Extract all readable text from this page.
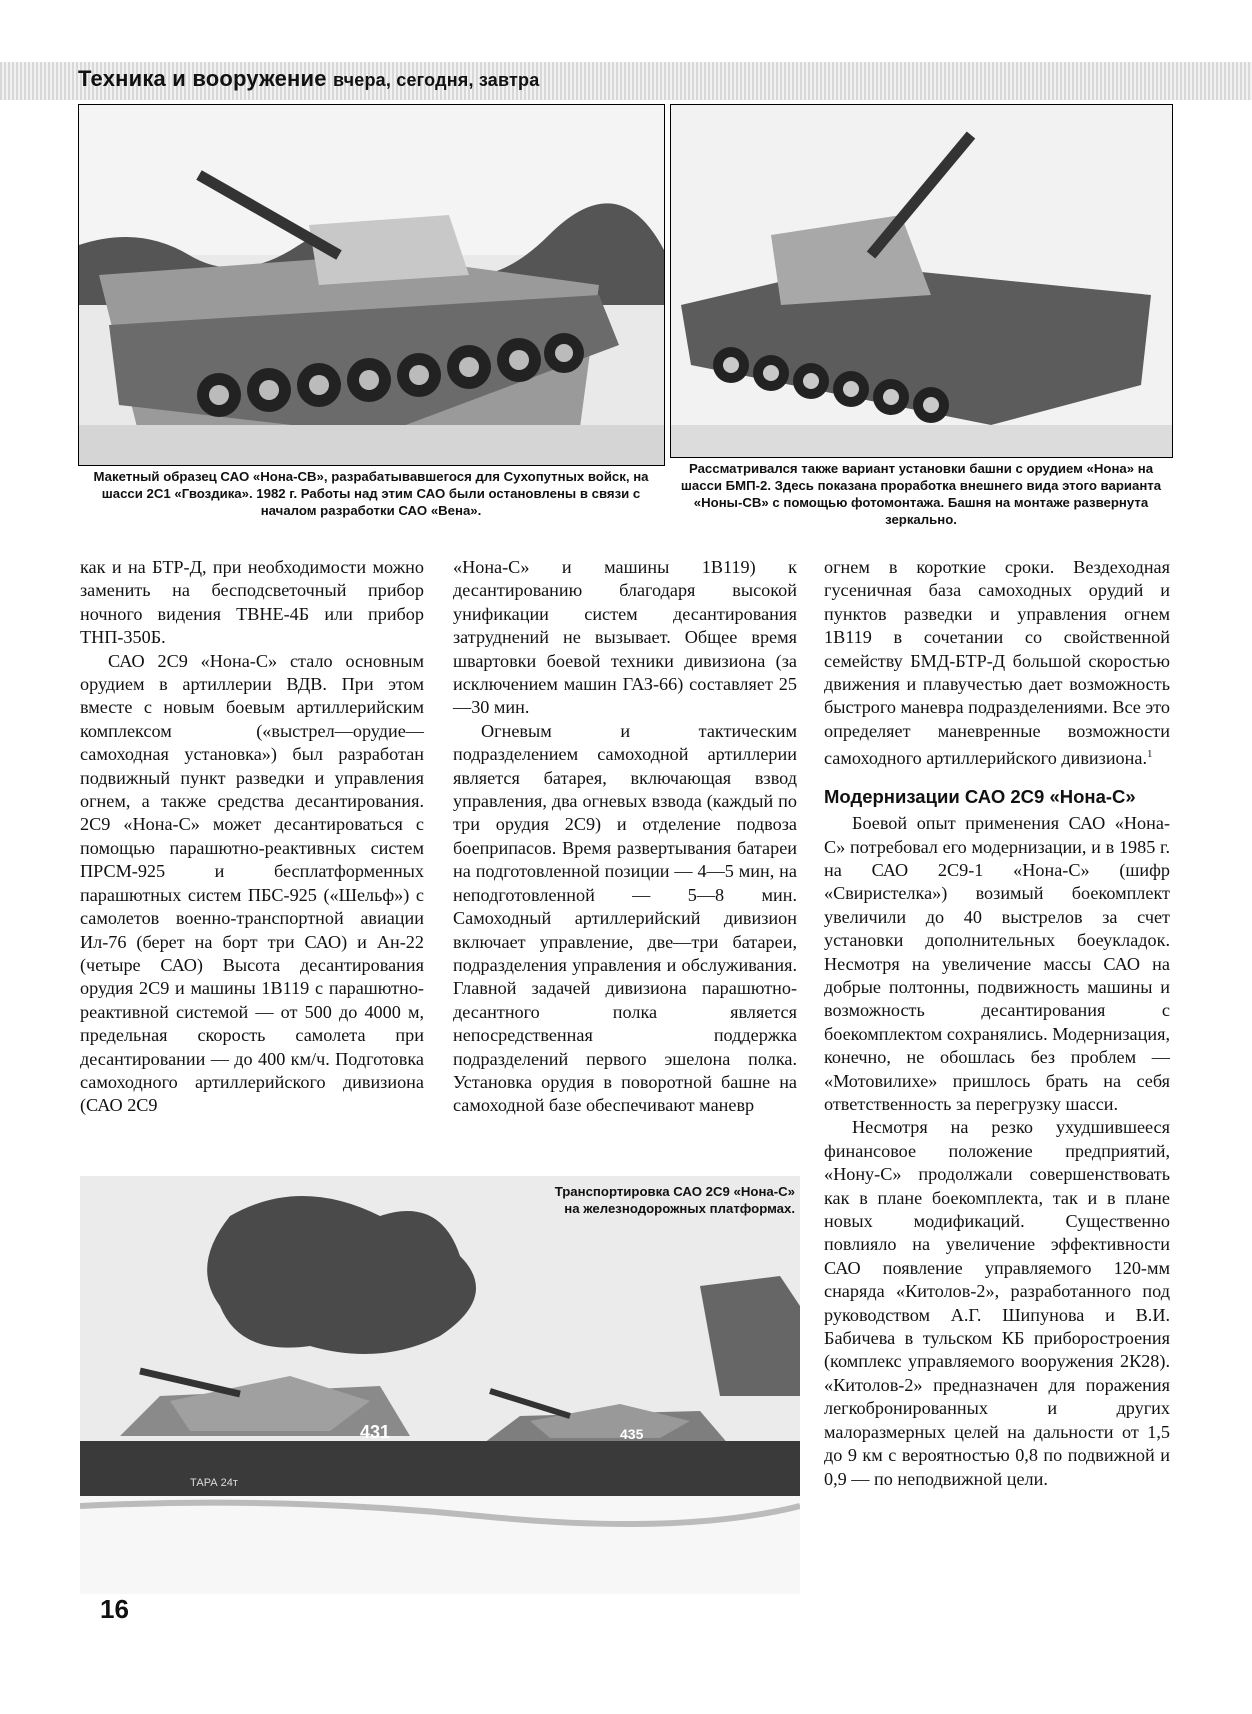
Техника и вооружение вчера, сегодня, завтра
Макетный образец САО «Нона-СВ», разрабатывавшегося для Сухопутных войск, на шасси 2С1 «Гвоздика». 1982 г. Работы над этим САО были остановлены в связи с началом разработки САО «Вена».
Рассматривался также вариант установки башни с орудием «Нона» на шасси БМП-2. Здесь показана проработка внешнего вида этого варианта «Ноны-СВ» с помощью фотомонтажа. Башня на монтаже развернута зеркально.

как и на БТР-Д, при необходимости можно заменить на бесподсветочный прибор ночного видения ТВНЕ-4Б или прибор ТНП-350Б.

САО 2С9 «Нона-С» стало основным орудием в артиллерии ВДВ. При этом вместе с новым боевым артиллерийским комплексом («выстрел—орудие—самоходная установка») был разработан подвижный пункт разведки и управления огнем, а также средства десантирования. 2С9 «Нона-С» может десантироваться с помощью парашютно-реактивных систем ПРСМ-925 и бесплатформенных парашютных систем ПБС-925 («Шельф») с самолетов военно-транспортной авиации Ил-76 (берет на борт три САО) и Ан-22 (четыре САО) Высота десантирования орудия 2С9 и машины 1В119 с парашютно-реактивной системой — от 500 до 4000 м, предельная скорость самолета при десантировании — до 400 км/ч. Подготовка самоходного артиллерийского дивизиона (САО 2С9

«Нона-С» и машины 1В119) к десантированию благодаря высокой унификации систем десантирования затруднений не вызывает. Общее время швартовки боевой техники дивизиона (за исключением машин ГАЗ-66) составляет 25—30 мин.

Огневым и тактическим подразделением самоходной артиллерии является батарея, включающая взвод управления, два огневых взвода (каждый по три орудия 2С9) и отделение подвоза боеприпасов. Время развертывания батареи на подготовленной позиции — 4—5 мин, на неподготовленной — 5—8 мин. Самоходный артиллерийский дивизион включает управление, две—три батареи, подразделения управления и обслуживания. Главной задачей дивизиона парашютно-десантного полка является непосредственная поддержка подразделений первого эшелона полка. Установка орудия в поворотной башне на самоходной базе обеспечивают маневр

огнем в короткие сроки. Вездеходная гусеничная база самоходных орудий и пунктов разведки и управления огнем 1В119 в сочетании со свойственной семейству БМД-БТР-Д большой скоростью движения и плавучестью дает возможность быстрого маневра подразделениями. Все это определяет маневренные возможности самоходного артиллерийского дивизиона.$^1$

Модернизации САО 2С9 «Нона-С»

Боевой опыт применения САО «Нона-С» потребовал его модернизации, и в 1985 г. на САО 2С9-1 «Нона-С» (шифр «Свиристелка») возимый боекомплект увеличили до 40 выстрелов за счет установки дополнительных боеукладок. Несмотря на увеличение массы САО на добрые полтонны, подвижность машины и возможность десантирования с боекомплектом сохранялись. Модернизация, конечно, не обошлась без проблем — «Мотовилихе» пришлось брать на себя ответственность за перегрузку шасси.

Несмотря на резко ухудшившееся финансовое положение предприятий, «Нону-С» продолжали совершенствовать как в плане боекомплекта, так и в плане новых модификаций. Существенно повлияло на увеличение эффективности САО появление управляемого 120-мм снаряда «Китолов-2», разработанного под руководством А.Г. Шипунова и В.И. Бабичева в тульском КБ приборостроения (комплекс управляемого вооружения 2К28). «Китолов-2» предназначен для поражения легкобронированных и других малоразмерных целей на дальности от 1,5 до 9 км с вероятностью 0,8 по подвижной и 0,9 — по неподвижной цели.

431	435
ТАРА 24т
Транспортировка САО 2С9 «Нона-С»
на железнодорожных платформах.
16
